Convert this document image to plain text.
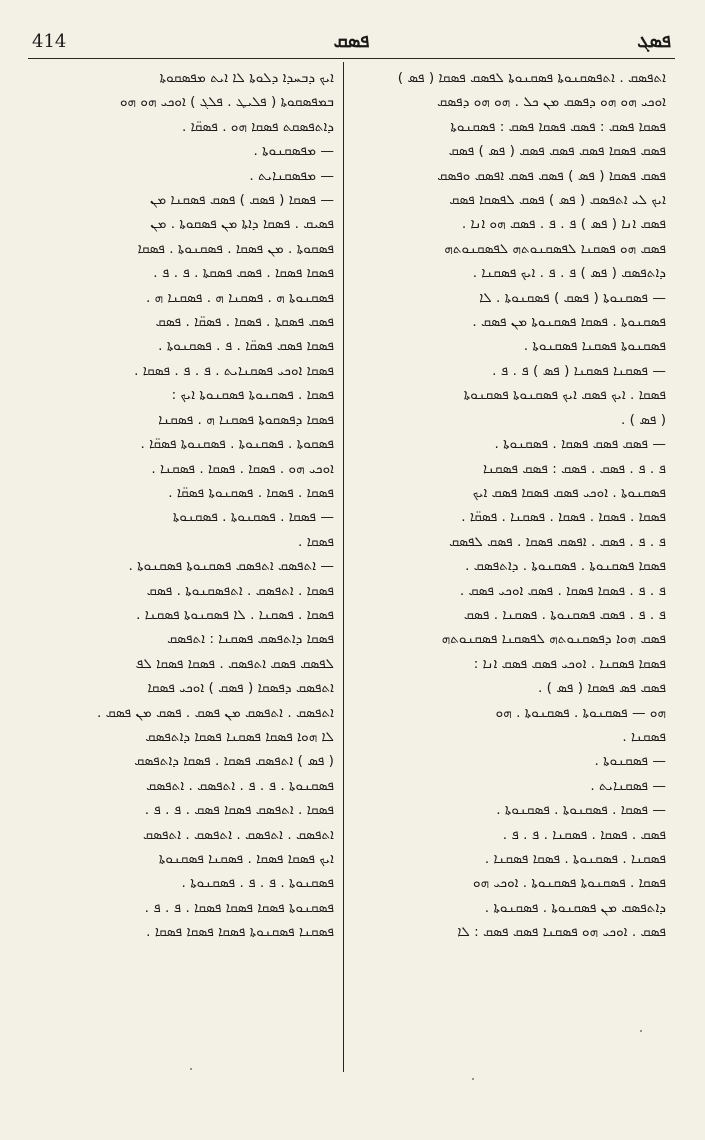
414	ܦܣܩ	ܦܣܓ
ܐܬܦܣܩ . ܐܬܦܣܩܢܘܬܐ ܦܣܩܢܘܬܐ ܠܦܣܩ ܦܣܩܐ ( ܦܣ )
ܐܘܟܝ ܗܘ ܗܘ ܕܦܣܩ ܡܢ ܟܠ . ܗܘ ܗܘ ܕܦܣܩ
ܦܣܩܐ ܦܣܩ : ܦܣܩ ܦܣܩܐ ܦܣܩ : ܦܣܩܢܘܬܐ
ܦܣܩ ܦܣܩܐ ܦܣܩ ܦܣܩ ܦܣܩ ( ܦܣ ) ܦܣܩ
ܦܣܩ ܦܣܩܐ ( ܦܣ ) ܦܣܩ ܦܣܩ ܐܦܣܩ ܘܦܣܩ
ܐܝܟ ܠܝ ܐܬܦܣܩ ( ܦܣ ) ܦܣܩ ܠܦܣܩܐ ܦܣܩ
ܦܣܩ ܐܢܐ ( ܦܣ ) ܦ . ܦ . ܦܣܩ ܗܘ ܐܢܐ .
ܦܣܩ ܗܘ ܦܣܩܢܐ ܠܦܣܩܢܘܬܗ ܠܦܣܩܢܘܬܗ
ܕܐܬܦܣܩ ( ܦܣ ) ܦ . ܦ . ܐܝܟ ܦܣܩܢܐ .
— ܦܣܩܢܘܬܐ ( ܦܣܩ ) ܦܣܩܢܘܬܐ . ܠܐ
ܦܣܩܢܘܬܐ . ܦܣܩܐ ܦܣܩܢܘܬܐ ܡܢ ܦܣܩ .
ܦܣܩܢܘܬܐ ܦܣܩܢܐ ܦܣܩܢܘܬܐ .
— ܦܣܩܢܐ ܦܣܩܢܐ ( ܦܣ ) ܦ . ܦ .
ܦܣܩܐ . ܐܝܟ ܦܣܩ ܐܝܟ ܦܣܩܢܘܬܐ ܦܣܩܢܘܬܐ
( ܦܣ ) .
— ܦܣܩ ܦܣܩ ܦܣܩܐ . ܦܣܩܢܘܬܐ .
ܦ . ܦ . ܦܣܩ . ܦܣܩ : ܦܣܩ ܦܣܩܢܐ
ܦܣܩܢܘܬܐ . ܐܘܟܝ ܦܣܩ ܦܣܩܐ ܦܣܩ ܐܝܟ
ܦܣܩܐ . ܦܣܩܐ . ܦܣܩܐ . ܦܣܩܢܐ . ܦܣܩ̈ܐ .
ܦ . ܦ . ܦܣܩ . ܐܦܣܩ ܦܣܩܐ . ܦܣܩ ܠܦܣܩ
ܦܣܩܐ ܦܣܩܢܘܬܐ . ܦܣܩܢܘܬܐ . ܕܐܬܦܣܩ .
ܦ . ܦ . ܦܣܩܐ ܦܣܩܐ . ܦܣܩ ܐܘܟܝ ܦܣܩ .
ܦ . ܦ . ܦܣܩ ܦܣܩܢܘܬܐ . ܦܣܩܢܐ . ܦܣܩ
ܦܣܩ ܗܘܐ ܕܦܣܩܢܘܬܗ ܠܦܣܩܢܐ ܦܣܩܢܘܬܗ
ܦܣܩܐ ܦܣܩܢܐ . ܐܘܟܝ ܦܣܩ ܦܣܩ ܐܢܐ :
ܦܣܩ ܦܣ ܦܣܩܐ ( ܦܣ ) .
ܗܘ — ܦܣܩܢܘܬܐ . ܦܣܩܢܘܬܐ . ܗܘ
ܦܣܩܢܐ .
— ܦܣܩܢܘܬܐ .
— ܦܣܩܢܐܝܬ .
— ܦܣܩܐ . ܦܣܩܢܘܬܐ . ܦܣܩܢܘܬܐ .
ܦܣܩ . ܦܣܩܐ . ܦܣܩܢܐ . ܦ . ܦ .
ܦܣܩܢܐ . ܦܣܩܢܘܬܐ . ܦܣܩܐ ܦܣܩܢܐ .
ܦܣܩܐ . ܦܣܩܢܘܬܐ ܦܣܩܢܘܬܐ . ܐܘܟܝ ܗܘ
ܕܐܬܦܣܩ ܡܢ ܦܣܩܢܘܬܐ . ܦܣܩܢܘܬܐ .
ܦܣܩ . ܐܘܟܝ ܗܘ ܦܣܩܢܐ ܦܣܩ ܦܣܩ : ܠܐ
ܐܝܟ ܕܒܚܕܐ ܕܠܘܬܐ ܠܐ ܐܝܬ ܡܦܣܩܘܬܐ
ܒܡܦܣܩܘܬܐ ( ܦܠܝܛ . ܦܠܓ ) ܐܘܟܝ ܗܘ ܗܘ
ܕܐܬܦܣܩܬ ܦܣܩܐ ܗܘ . ܦܣܩ̈ܐ .
— ܡܦܣܩܢܘܬܐ .
— ܡܦܣܩܢܐܝܬ .
— ܦܣܩܐ ( ܦܣܩ ) ܦܣܩ ܦܣܩܢܐ ܡܢ
ܦܣܝܩ . ܦܣܩܐ ܕܐܬܐ ܡܢ ܦܣܩܘܬܐ . ܡܢ
ܦܣܩܘܬܐ . ܡܢ ܦܣܩܐ . ܦܣܩܢܘܬܐ . ܦܣܩܐ
ܦܣܩܐ ܦܣܩܐ . ܦܣܩ ܦܣܩܬܐ . ܦ . ܦ .
ܦܣܩܢܘܬܐ ܗ . ܦܣܩܢܐ ܗ . ܦܣܩܢܐ ܗ .
ܦܣܩ ܦܣܩܬܐ . ܦܣܩܐ . ܦܣܩ̈ܐ . ܦܣܩ
ܦܣܩܐ ܦܣܩ ܦܣܩ̈ܐ . ܦ . ܦܣܩܢܘܬܐ .
ܦܣܩܐ ܐܘܟܝ ܦܣܩܢܐܝܬ . ܦ . ܦ . ܦܣܩܐ .
ܦܣܩܐ . ܦܣܩܢܘܬܐ ܦܣܩܢܘܬܐ ܐܝܟ :
ܦܣܩܐ ܕܦܣܩܘܬܐ ܦܣܩܢܐ ܗ . ܦܣܩܢܐ
ܦܣܩܘܬܐ . ܦܣܩܢܘܬܐ . ܦܣܩܢܘܬܐ ܦܣܩ̈ܐ .
ܐܘܟܝ ܗܘ . ܦܣܩܐ . ܦܣܩܐ . ܦܣܩܢܐ .
ܦܣܩܐ . ܦܣܩܐ . ܦܣܩܢܘܬܐ ܦܣܩ̈ܐ .
— ܦܣܩܐ . ܦܣܩܢܘܬܐ . ܦܣܩܢܘܬܐ
ܦܣܩܐ .
— ܐܬܦܣܩ ܐܬܦܣܩ ܦܣܩܢܘܬܐ ܦܣܩܢܘܬܐ .
ܦܣܩܐ . ܐܬܦܣܩ . ܐܬܦܣܩܢܘܬܐ . ܦܣܩ
ܦܣܩܐ . ܦܣܩܢܐ . ܠܐ ܦܣܩܢܘܬܐ ܦܣܩܢܐ .
ܦܣܩܐ ܕܐܬܦܣܩ ܦܣܩܢܐ : ܐܬܦܣܩ
ܠܦܣܩ ܦܣܩ ܐܬܦܣܩ . ܦܣܩܐ ܦܣܩܐ ܠܦ
ܐܬܦܣܩ ܕܦܣܩܐ ( ܦܣܩ ) ܐܘܟܝ ܦܣܩܐ
ܐܬܦܣܩ . ܐܬܦܣܩ ܡܢ ܦܣܩ . ܦܣܩ ܡܢ ܦܣܩ .
ܠܐ ܗܘܐ ܦܣܩܐ ܦܣܩܢܐ ܦܣܩܐ ܕܐܬܦܣܩ
( ܦܣ ) ܐܬܦܣܩ ܦܣܩܐ . ܦܣܩܐ ܕܐܬܦܣܩ
ܦܣܩܢܘܬܐ . ܦ . ܦ . ܐܬܦܣܩ . ܐܬܦܣܩ
ܦܣܩܐ . ܐܬܦܣܩ ܦܣܩܐ ܦܣܩ . ܦ . ܦ .
ܐܬܦܣܩ . ܐܬܦܣܩ . ܐܬܦܣܩ . ܐܬܦܣܩ
ܐܝܟ ܦܣܩܐ ܦܣܩܐ . ܦܣܩܢܐ ܦܣܩܢܘܬܐ
ܦܣܩܢܘܬܐ . ܦ . ܦ . ܦܣܩܢܘܬܐ .
ܦܣܩܢܘܬܐ ܦܣܩܐ ܦܣܩܐ ܦܣܩܐ . ܦ . ܦ .
ܦܣܩܢܐ ܦܣܩܢܘܬܐ ܦܣܩܐ ܦܣܩܐ ܦܣܩܐ .
